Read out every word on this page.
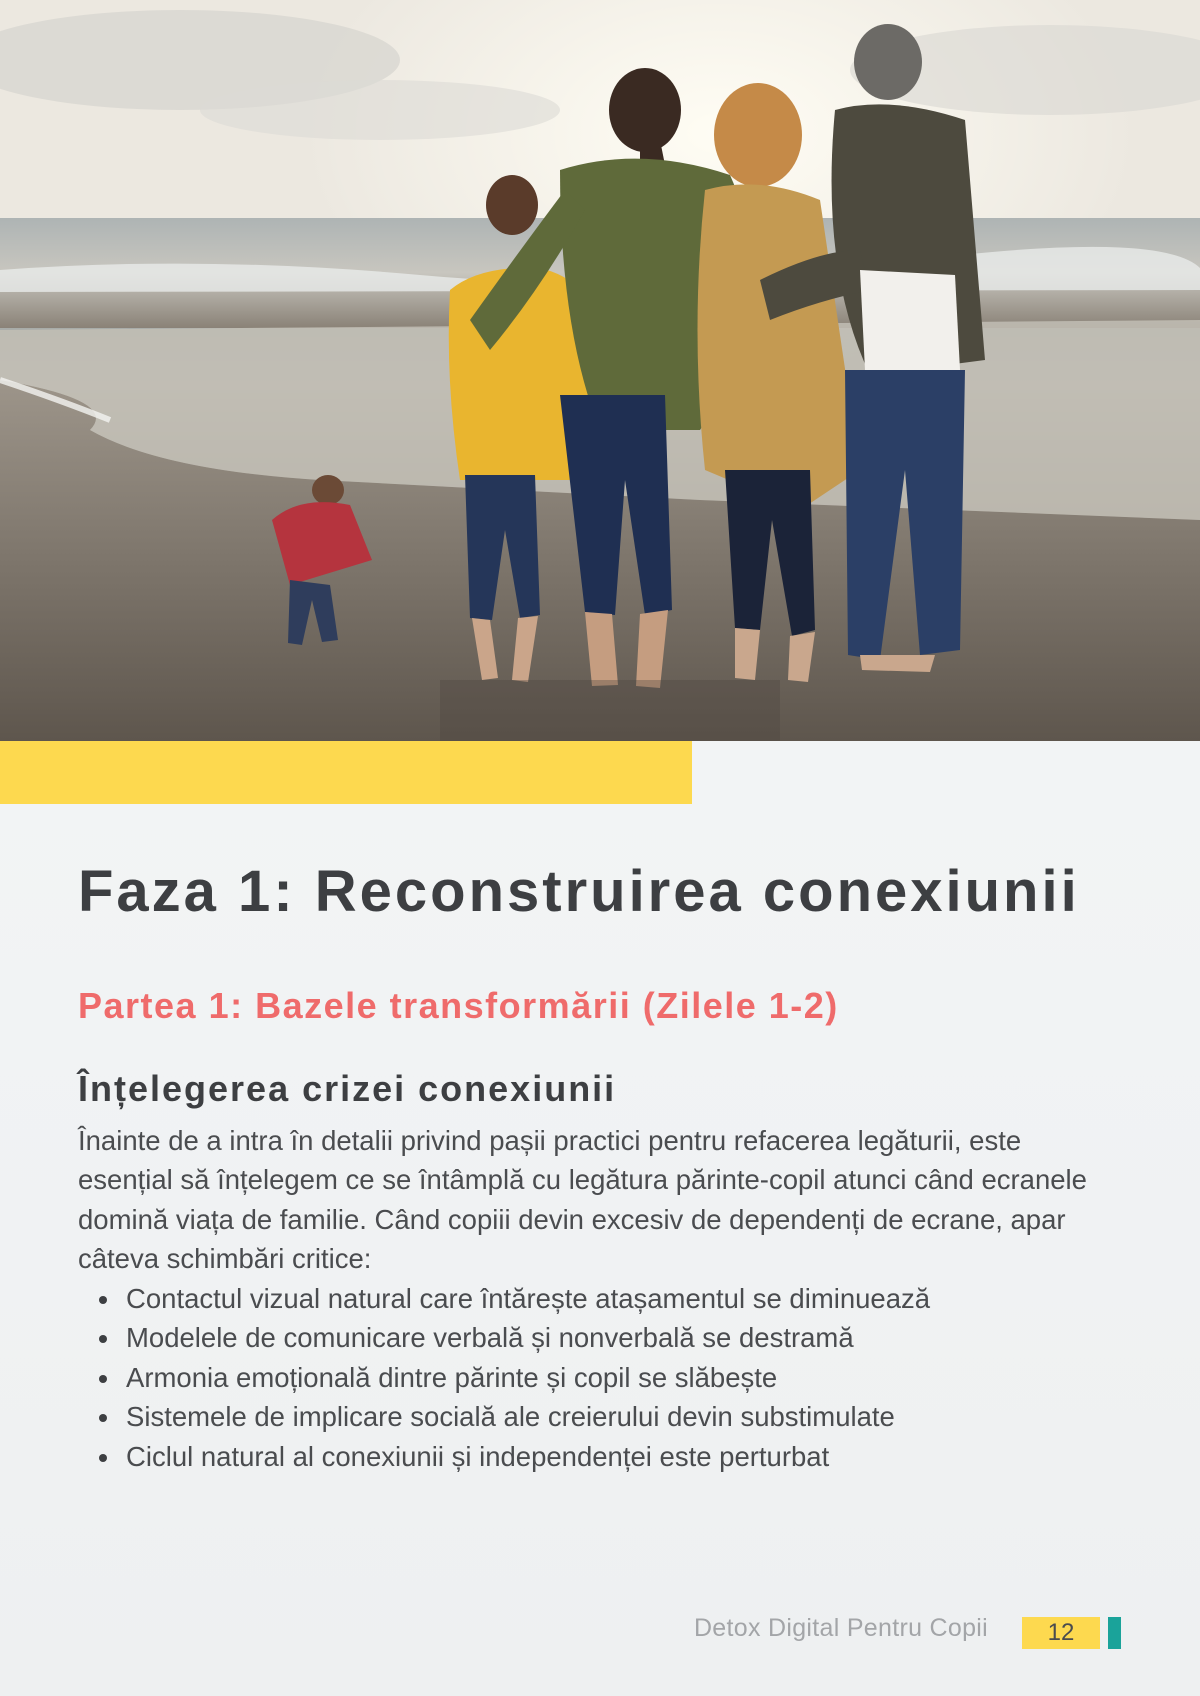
Faza 1: Reconstruirea conexiunii
Partea 1: Bazele transformării (Zilele 1-2)
Înțelegerea crizei conexiunii

Înainte de a intra în detalii privind pașii practici pentru refacerea legăturii, este esențial să înțelegem ce se întâmplă cu legătura părinte-copil atunci când ecranele domină viața de familie. Când copiii devin excesiv de dependenți de ecrane, apar câteva schimbări critice:

Contactul vizual natural care întărește atașamentul se diminuează
Modelele de comunicare verbală și nonverbală se destramă
Armonia emoțională dintre părinte și copil se slăbește
Sistemele de implicare socială ale creierului devin substimulate
Ciclul natural al conexiunii și independenței este perturbat
Detox Digital Pentru Copii	12
